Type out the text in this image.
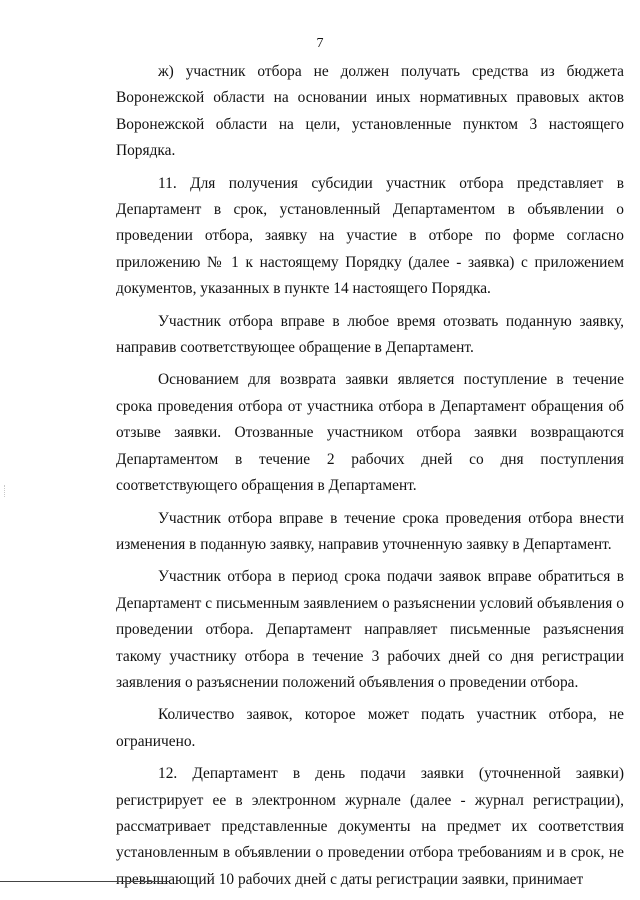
7

ж) участник отбора не должен получать средства из бюджета Воронежской области на основании иных нормативных правовых актов Воронежской области на цели, установленные пунктом 3 настоящего Порядка.

11. Для получения субсидии участник отбора представляет в Департамент в срок, установленный Департаментом в объявлении о проведении отбора, заявку на участие в отборе по форме согласно приложению № 1 к настоящему Порядку (далее - заявка) с приложением документов, указанных в пункте 14 настоящего Порядка.

Участник отбора вправе в любое время отозвать поданную заявку, направив соответствующее обращение в Департамент.

Основанием для возврата заявки является поступление в течение срока проведения отбора от участника отбора в Департамент обращения об отзыве заявки. Отозванные участником отбора заявки возвращаются Департаментом в течение 2 рабочих дней со дня поступления соответствующего обращения в Департамент.

Участник отбора вправе в течение срока проведения отбора внести изменения в поданную заявку, направив уточненную заявку в Департамент.

Участник отбора в период срока подачи заявок вправе обратиться в Департамент с письменным заявлением о разъяснении условий объявления о проведении отбора. Департамент направляет письменные разъяснения такому участнику отбора в течение 3 рабочих дней со дня регистрации заявления о разъяснении положений объявления о проведении отбора.

Количество заявок, которое может подать участник отбора, не ограничено.

12. Департамент в день подачи заявки (уточненной заявки) регистрирует ее в электронном журнале (далее - журнал регистрации), рассматривает представленные документы на предмет их соответствия установленным в объявлении о проведении отбора требованиям и в срок, не превышающий 10 рабочих дней с даты регистрации заявки, принимает
